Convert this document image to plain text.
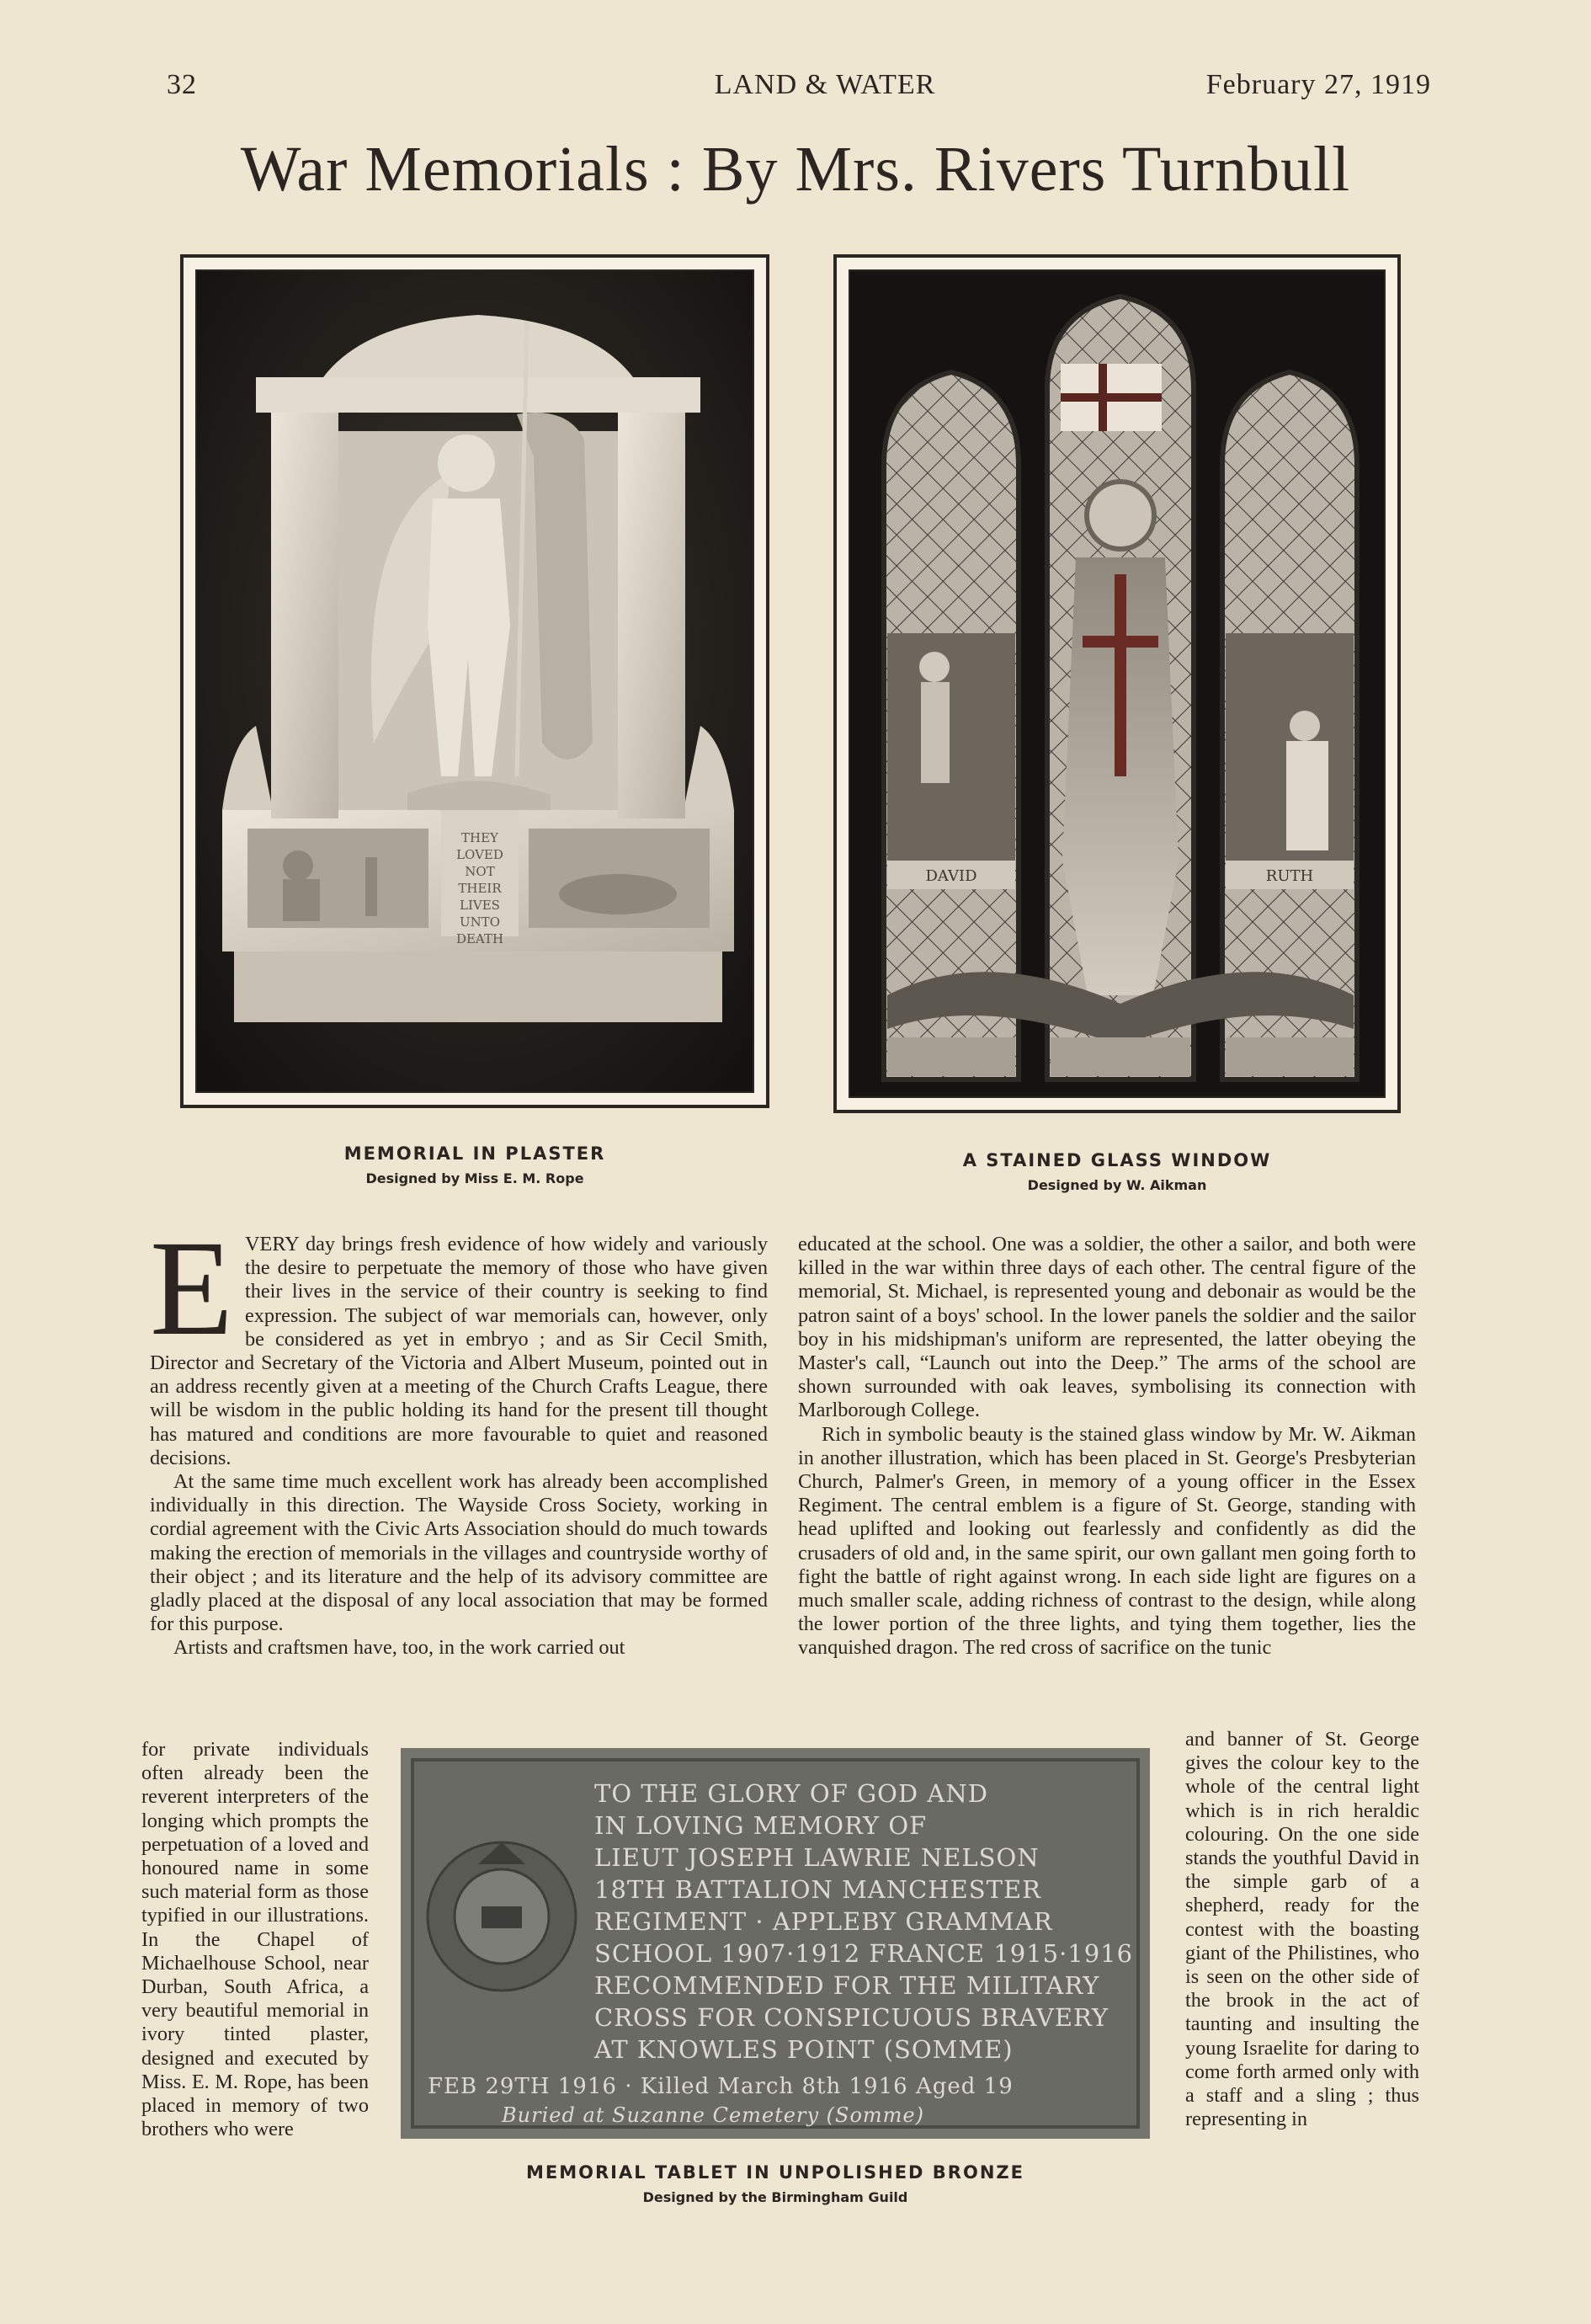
32	LAND & WATER	February 27, 1919
War Memorials : By Mrs. Rivers Turnbull
THEY LOVED NOT THEIR LIVES UNTO DEATH
MEMORIAL IN PLASTER
Designed by Miss E. M. Rope
DAVID	RUTH
A STAINED GLASS WINDOW
Designed by W. Aikman

EVERY day brings fresh evidence of how widely and variously the desire to perpetuate the memory of those who have given their lives in the service of their country is seeking to find expression. The subject of war memorials can, however, only be considered as yet in embryo ; and as Sir Cecil Smith, Director and Secretary of the Victoria and Albert Museum, pointed out in an address recently given at a meeting of the Church Crafts League, there will be wisdom in the public holding its hand for the present till thought has matured and conditions are more favourable to quiet and reasoned decisions.

At the same time much excellent work has already been accomplished individually in this direction. The Wayside Cross Society, working in cordial agreement with the Civic Arts Association should do much towards making the erection of memorials in the villages and countryside worthy of their object ; and its literature and the help of its advisory committee are gladly placed at the disposal of any local association that may be formed for this purpose.

Artists and craftsmen have, too, in the work carried out

educated at the school. One was a soldier, the other a sailor, and both were killed in the war within three days of each other. The central figure of the memorial, St. Michael, is represented young and debonair as would be the patron saint of a boys' school. In the lower panels the soldier and the sailor boy in his midshipman's uniform are represented, the latter obeying the Master's call, “Launch out into the Deep.” The arms of the school are shown surrounded with oak leaves, symbolising its connection with Marlborough College.

Rich in symbolic beauty is the stained glass window by Mr. W. Aikman in another illustration, which has been placed in St. George's Presbyterian Church, Palmer's Green, in memory of a young officer in the Essex Regiment. The central emblem is a figure of St. George, standing with head uplifted and looking out fearlessly and confidently as did the crusaders of old and, in the same spirit, our own gallant men going forth to fight the battle of right against wrong. In each side light are figures on a much smaller scale, adding richness of contrast to the design, while along the lower portion of the three lights, and tying them together, lies the vanquished dragon. The red cross of sacrifice on the tunic

for private individuals often already been the reverent interpreters of the longing which prompts the perpetuation of a loved and honoured name in some such material form as those typified in our illustrations. In the Chapel of Michaelhouse School, near Durban, South Africa, a very beautiful memorial in ivory tinted plaster, designed and executed by Miss. E. M. Rope, has been placed in memory of two brothers who were

and banner of St. George gives the colour key to the whole of the central light which is in rich heraldic colouring. On the one side stands the youthful David in the simple garb of a shepherd, ready for the contest with the boasting giant of the Philistines, who is seen on the other side of the brook in the act of taunting and insulting the young Israelite for daring to come forth armed only with a staff and a sling ; thus representing in

TO THE GLORY OF GOD AND
IN LOVING MEMORY OF
LIEUT JOSEPH LAWRIE NELSON
18TH BATTALION MANCHESTER
REGIMENT · APPLEBY GRAMMAR
SCHOOL 1907·1912 FRANCE 1915·1916
RECOMMENDED FOR THE MILITARY
CROSS FOR CONSPICUOUS BRAVERY
AT KNOWLES POINT (SOMME)
FEB 29TH 1916 · Killed March 8th 1916 Aged 19
Buried at Suzanne Cemetery (Somme)
MEMORIAL TABLET IN UNPOLISHED BRONZE
Designed by the Birmingham Guild
